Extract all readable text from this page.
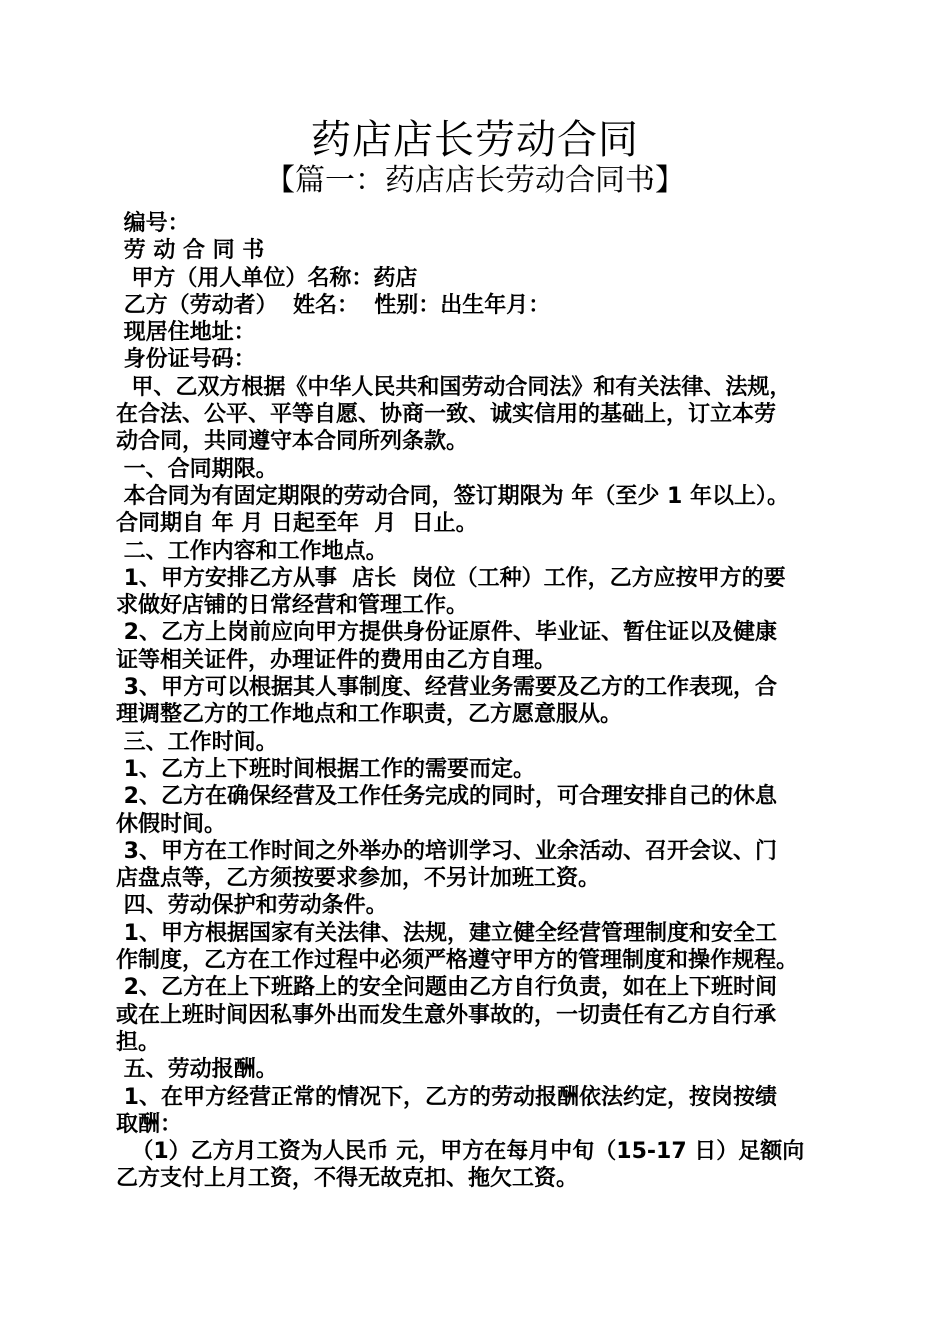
药店店长劳动合同
【篇一：药店店长劳动合同书】
编号：
劳 动 合 同 书
甲方（用人单位）名称：药店
乙方（劳动者）  姓名：  性别：出生年月：
现居住地址：
身份证号码：
甲、乙双方根据《中华人民共和国劳动合同法》和有关法律、法规，
在合法、公平、平等自愿、协商一致、诚实信用的基础上，订立本劳
动合同，共同遵守本合同所列条款。
一、合同期限。
本合同为有固定期限的劳动合同，签订期限为 年（至少 1 年以上）。
合同期自 年 月 日起至年  月  日止。
二、工作内容和工作地点。
1、甲方安排乙方从事  店长  岗位（工种）工作，乙方应按甲方的要
求做好店铺的日常经营和管理工作。
2、乙方上岗前应向甲方提供身份证原件、毕业证、暂住证以及健康
证等相关证件，办理证件的费用由乙方自理。
3、甲方可以根据其人事制度、经营业务需要及乙方的工作表现，合
理调整乙方的工作地点和工作职责，乙方愿意服从。
三、工作时间。
1、乙方上下班时间根据工作的需要而定。
2、乙方在确保经营及工作任务完成的同时，可合理安排自己的休息
休假时间。
3、甲方在工作时间之外举办的培训学习、业余活动、召开会议、门
店盘点等，乙方须按要求参加，不另计加班工资。
四、劳动保护和劳动条件。
1、甲方根据国家有关法律、法规，建立健全经营管理制度和安全工
作制度，乙方在工作过程中必须严格遵守甲方的管理制度和操作规程。
2、乙方在上下班路上的安全问题由乙方自行负责，如在上下班时间
或在上班时间因私事外出而发生意外事故的，一切责任有乙方自行承
担。
五、劳动报酬。
1、在甲方经营正常的情况下，乙方的劳动报酬依法约定，按岗按绩
取酬：
（1）乙方月工资为人民币 元，甲方在每月中旬（15-17 日）足额向
乙方支付上月工资，不得无故克扣、拖欠工资。
